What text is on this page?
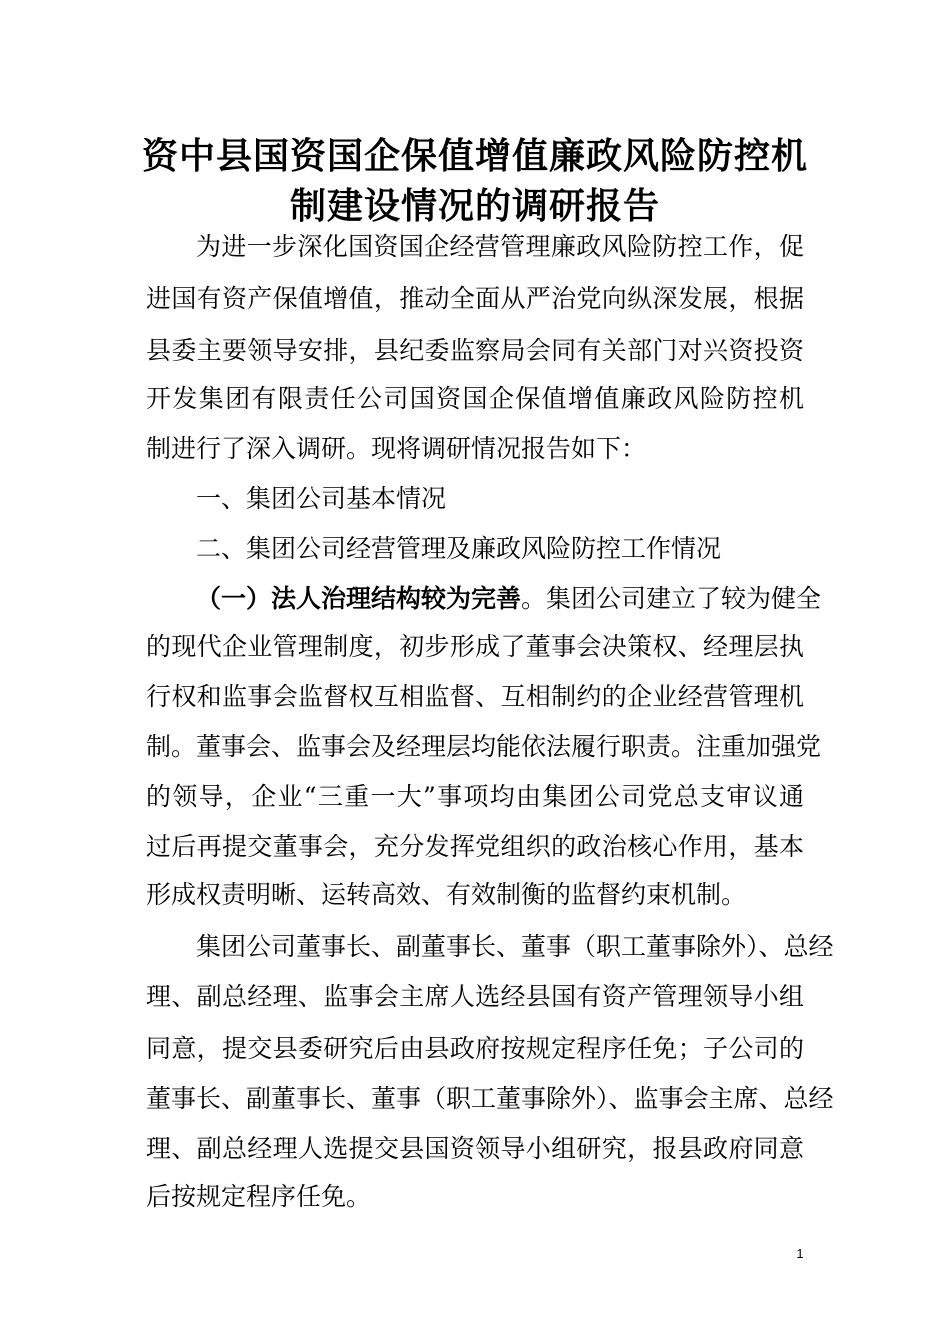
资中县国资国企保值增值廉政风险防控机
制建设情况的调研报告

为进一步深化国资国企经营管理廉政风险防控工作，促

进国有资产保值增值，推动全面从严治党向纵深发展，根据

县委主要领导安排，县纪委监察局会同有关部门对兴资投资

开发集团有限责任公司国资国企保值增值廉政风险防控机

制进行了深入调研。现将调研情况报告如下：

一、集团公司基本情况

二、集团公司经营管理及廉政风险防控工作情况

（一）法人治理结构较为完善。集团公司建立了较为健全

的现代企业管理制度，初步形成了董事会决策权、经理层执

行权和监事会监督权互相监督、互相制约的企业经营管理机

制。董事会、监事会及经理层均能依法履行职责。注重加强党

的领导，企业“三重一大”事项均由集团公司党总支审议通

过后再提交董事会，充分发挥党组织的政治核心作用，基本

形成权责明晰、运转高效、有效制衡的监督约束机制。

集团公司董事长、副董事长、董事（职工董事除外）、总经

理、副总经理、监事会主席人选经县国有资产管理领导小组

同意，提交县委研究后由县政府按规定程序任免；子公司的

董事长、副董事长、董事（职工董事除外）、监事会主席、总经

理、副总经理人选提交县国资领导小组研究，报县政府同意

后按规定程序任免。

1
